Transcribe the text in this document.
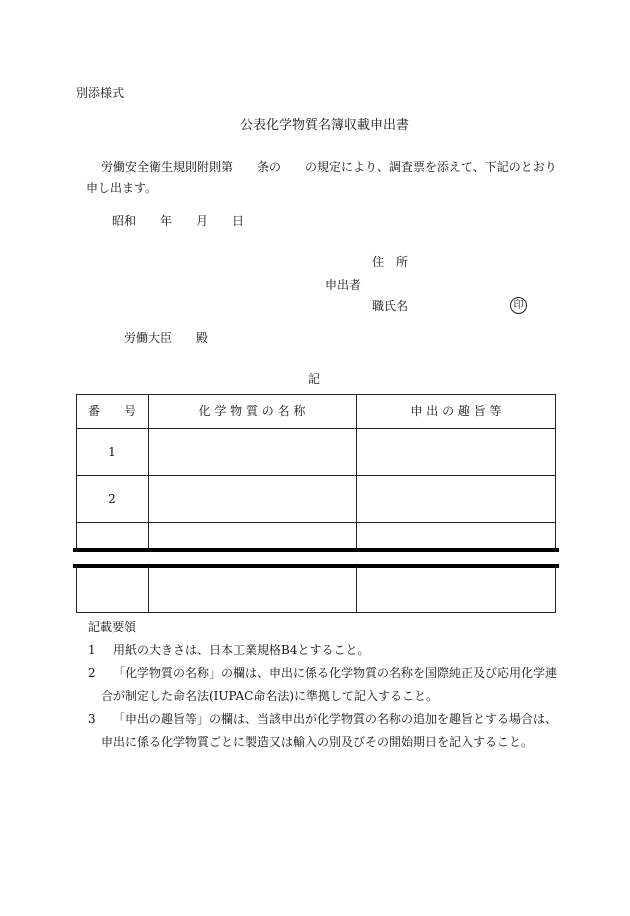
別添様式
公表化学物質名簿収載申出書
労働安全衛生規則附則第　　条の　　の規定により、調査票を添えて、下記のとおり
申し出ます。
昭和　　年　　月　　日
住　所
申出者
職氏名	印
労働大臣　　殿
記
番　　号	化 学 物 質 の 名 称	申 出 の 趣 旨 等
1
2
記載要領
1 用紙の大きさは、日本工業規格B4とすること。
2 「化学物質の名称」の欄は、申出に係る化学物質の名称を国際純正及び応用化学連
合が制定した命名法(IUPAC命名法)に準拠して記入すること。
3 「申出の趣旨等」の欄は、当該申出が化学物質の名称の追加を趣旨とする場合は、
申出に係る化学物質ごとに製造又は輸入の別及びその開始期日を記入すること。
